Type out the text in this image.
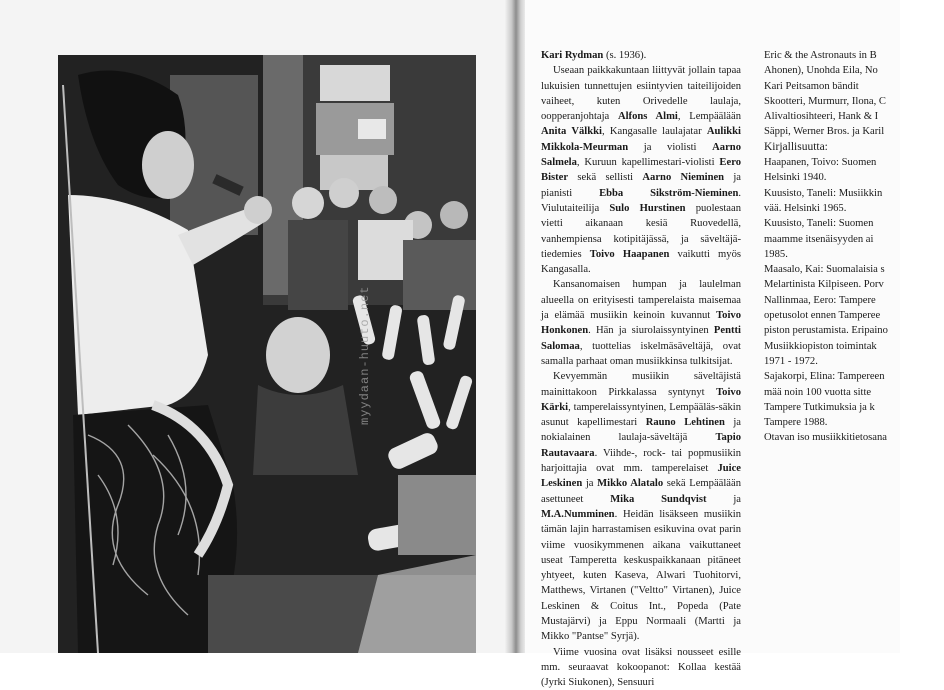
myydaan-huuto.net

Kari Rydman (s. 1936).

Useaan paikkakuntaan liittyvät jollain tapaa lukuisien tunnettujen esiintyvien taiteilijoiden vaiheet, kuten Orivedelle laulaja, oopperanjohtaja Alfons Almi, Lempäälään Anita Välkki, Kangasalle laulajatar Aulikki Mikkola-Meurman ja violisti Aarno Salmela, Kuruun kapellimestari-violisti Eero Bister sekä sellisti Aarno Nieminen ja pianisti Ebba Sikström-Nieminen. Viulutaiteilija Sulo Hurstinen puolestaan vietti aikanaan kesiä Ruovedellä, vanhempiensa kotipitäjässä, ja säveltäjä-tiedemies Toivo Haapanen vaikutti myös Kangasalla.

Kansanomaisen humpan ja laulelman alueella on erityisesti tamperelaista maisemaa ja elämää musiikin keinoin kuvannut Toivo Honkonen. Hän ja siurolaissyntyinen Pentti Salomaa, tuottelias iskelmäsäveltäjä, ovat samalla parhaat oman musiikkinsa tulkitsijat.

Kevyemmän musiikin säveltäjistä mainittakoon Pirkkalassa syntynyt Toivo Kärki, tamperelaissyntyinen, Lempääläs-säkin asunut kapellimestari Rauno Lehtinen ja nokialainen laulaja-säveltäjä Tapio Rautavaara. Viihde-, rock- tai popmusiikin harjoittajia ovat mm. tamperelaiset Juice Leskinen ja Mikko Alatalo sekä Lempäälään asettuneet Mika Sundqvist ja M.A.Numminen. Heidän lisäkseen musiikin tämän lajin harrastamisen esikuvina ovat parin viime vuosikymmenen aikana vaikuttaneet useat Tamperetta keskuspaikkanaan pitäneet yhtyeet, kuten Kaseva, Alwari Tuohitorvi, Matthews, Virtanen ("Veltto" Virtanen), Juice Leskinen & Coitus Int., Popeda (Pate Mustajärvi) ja Eppu Normaali (Martti ja Mikko "Pantse" Syrjä).

Viime vuosina ovat lisäksi nousseet esille mm. seuraavat kokoopanot: Kollaa kestää (Jyrki Siukonen), Sensuuri

Eric & the Astronauts in B

Ahonen), Unohda Eila, No

Kari Peitsamon bändit

Skootteri, Murmurr, Ilona, C

Alivaltiosihteeri, Hank & I

Säppi, Werner Bros. ja Karil

Kirjallisuutta:

Haapanen, Toivo: Suomen

Helsinki 1940.

Kuusisto, Taneli: Musiikkin

vää. Helsinki 1965.

Kuusisto, Taneli: Suomen

maamme itsenäisyyden ai

1985.

Maasalo, Kai: Suomalaisia s

Melartinista Kilpiseen. Porv

Nallinmaa, Eero: Tampere

opetusolot ennen Tamperee

piston perustamista. Eripaino

Musiikkiopiston toimintak

1971 - 1972.

Sajakorpi, Elina: Tampereen

mää noin 100 vuotta sitte

Tampere Tutkimuksia ja k

Tampere 1988.

Otavan iso musiikkitietosana
